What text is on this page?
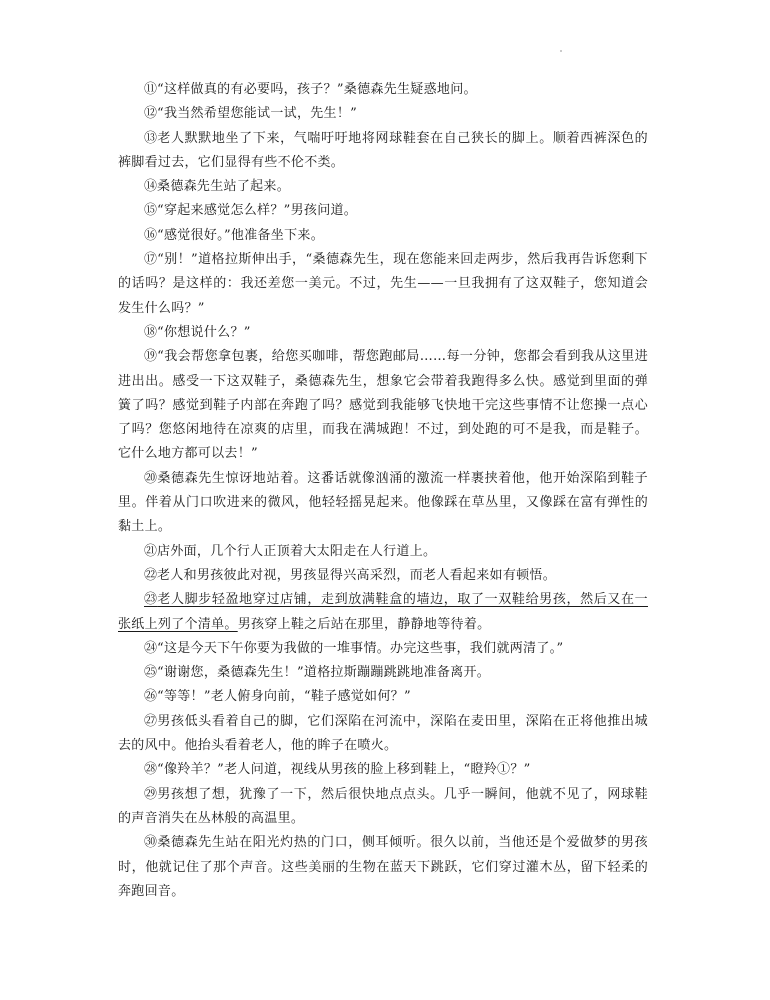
⑪“这样做真的有必要吗，孩子？”桑德森先生疑惑地问。

⑫“我当然希望您能试一试，先生！”

⑬老人默默地坐了下来，气喘吁吁地将网球鞋套在自己狭长的脚上。顺着西裤深色的裤脚看过去，它们显得有些不伦不类。

⑭桑德森先生站了起来。

⑮“穿起来感觉怎么样？”男孩问道。

⑯“感觉很好。”他准备坐下来。

⑰“别！”道格拉斯伸出手，“桑德森先生，现在您能来回走两步，然后我再告诉您剩下的话吗？是这样的：我还差您一美元。不过，先生——一旦我拥有了这双鞋子，您知道会发生什么吗？”

⑱“你想说什么？”

⑲“我会帮您拿包裹，给您买咖啡，帮您跑邮局……每一分钟，您都会看到我从这里进进出出。感受一下这双鞋子，桑德森先生，想象它会带着我跑得多么快。感觉到里面的弹簧了吗？感觉到鞋子内部在奔跑了吗？感觉到我能够飞快地干完这些事情不让您操一点心了吗？您悠闲地待在凉爽的店里，而我在满城跑！不过，到处跑的可不是我，而是鞋子。它什么地方都可以去！”

⑳桑德森先生惊讶地站着。这番话就像汹涌的激流一样裹挟着他，他开始深陷到鞋子里。伴着从门口吹进来的微风，他轻轻摇晃起来。他像踩在草丛里，又像踩在富有弹性的黏土上。

㉑店外面，几个行人正顶着大太阳走在人行道上。

㉒老人和男孩彼此对视，男孩显得兴高采烈，而老人看起来如有顿悟。

㉓老人脚步轻盈地穿过店铺，走到放满鞋盒的墙边，取了一双鞋给男孩，然后又在一张纸上列了个清单。男孩穿上鞋之后站在那里，静静地等待着。

㉔“这是今天下午你要为我做的一堆事情。办完这些事，我们就两清了。”

㉕“谢谢您，桑德森先生！”道格拉斯蹦蹦跳跳地准备离开。

㉖“等等！”老人俯身向前，“鞋子感觉如何？”

㉗男孩低头看着自己的脚，它们深陷在河流中，深陷在麦田里，深陷在正将他推出城去的风中。他抬头看着老人，他的眸子在喷火。

㉘“像羚羊？”老人问道，视线从男孩的脸上移到鞋上，“瞪羚①？”

㉙男孩想了想，犹豫了一下，然后很快地点点头。几乎一瞬间，他就不见了，网球鞋的声音消失在丛林般的高温里。

㉚桑德森先生站在阳光灼热的门口，侧耳倾听。很久以前，当他还是个爱做梦的男孩时，他就记住了那个声音。这些美丽的生物在蓝天下跳跃，它们穿过灌木丛，留下轻柔的奔跑回音。
